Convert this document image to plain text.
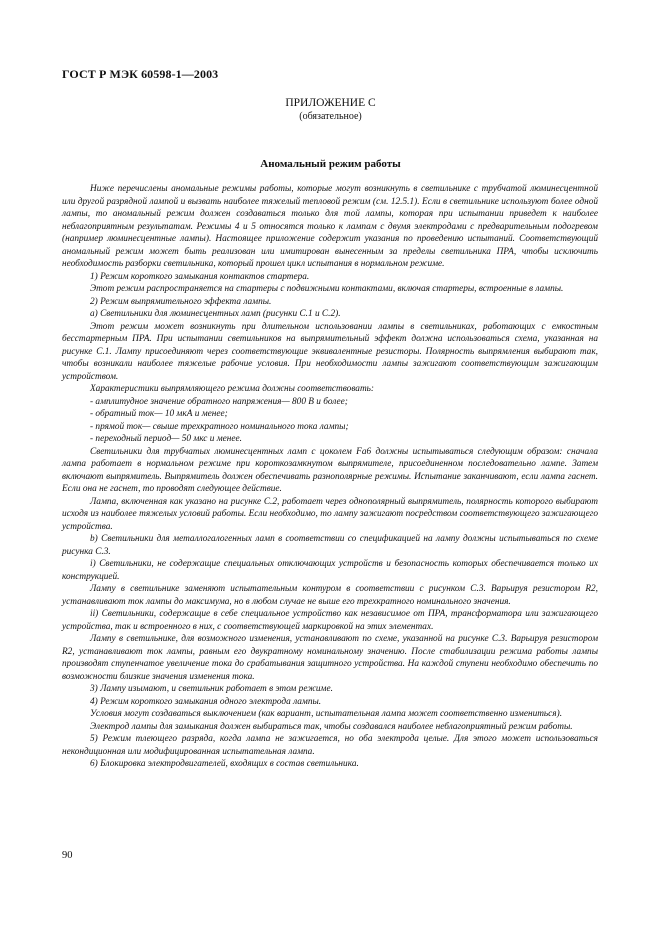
ГОСТ Р МЭК 60598-1—2003
ПРИЛОЖЕНИЕ С
(обязательное)
Аномальный режим работы

Ниже перечислены аномальные режимы работы, которые могут возникнуть в светильнике с трубчатой люминесцентной или другой разрядной лампой и вызвать наиболее тяжелый тепловой режим (см. 12.5.1). Если в светильнике используют более одной лампы, то аномальный режим должен создаваться только для той лампы, которая при испытании приведет к наиболее неблагоприятным результатам. Режимы 4 и 5 относятся только к лампам с двумя электродами с предварительным подогревом (например люминесцентные лампы). Настоящее приложение содержит указания по проведению испытаний. Соответствующий аномальный режим может быть реализован или имитирован вынесенным за пределы светильника ПРА, чтобы исключить необходимость разборки светильника, который прошел цикл испытания в нормальном режиме.

1) Режим короткого замыкания контактов стартера.

Этот режим распространяется на стартеры с подвижными контактами, включая стартеры, встроенные в лампы.

2) Режим выпрямительного эффекта лампы.

а) Светильники для люминесцентных ламп (рисунки С.1 и С.2).

Этот режим может возникнуть при длительном использовании лампы в светильниках, работающих с емкостным бесстартерным ПРА. При испытании светильников на выпрямительный эффект должна использоваться схема, указанная на рисунке С.1. Лампу присоединяют через соответствующие эквивалентные резисторы. Полярность выпрямления выбирают так, чтобы возникали наиболее тяжелые рабочие условия. При необходимости лампы зажигают соответствующим зажигающим устройством.

Характеристики выпрямляющего режима должны соответствовать:

- амплитудное значение обратного напряжения— 800 В и более;

- обратный ток— 10 мкА и менее;

- прямой ток— свыше трехкратного номинального тока лампы;

- переходный период— 50 мкс и менее.

Светильники для трубчатых люминесцентных ламп с цоколем Fa6 должны испытываться следующим образом: сначала лампа работает в нормальном режиме при короткозамкнутом выпрямителе, присоединенном последовательно лампе. Затем включают выпрямитель. Выпрямитель должен обеспечивать разнополярные режимы. Испытание заканчивают, если лампа гаснет. Если она не гаснет, то проводят следующее действие.

Лампа, включенная как указано на рисунке С.2, работает через однополярный выпрямитель, полярность которого выбирают исходя из наиболее тяжелых условий работы. Если необходимо, то лампу зажигают посредством соответствующего зажигающего устройства.

b) Светильники для металлогалогенных ламп в соответствии со спецификацией на лампу должны испытываться по схеме рисунка С.3.

i) Светильники, не содержащие специальных отключающих устройств и безопасность которых обеспечивается только их конструкцией.

Лампу в светильнике заменяют испытательным контуром в соответствии с рисунком С.3. Варьируя резистором R2, устанавливают ток лампы до максимума, но в любом случае не выше его трехкратного номинального значения.

ii) Светильники, содержащие в себе специальное устройство как независимое от ПРА, трансформатора или зажигающего устройства, так и встроенного в них, с соответствующей маркировкой на этих элементах.

Лампу в светильнике, для возможного изменения, устанавливают по схеме, указанной на рисунке С.3. Варьируя резистором R2, устанавливают ток лампы, равным его двукратному номинальному значению. После стабилизации режима работы лампы производят ступенчатое увеличение тока до срабатывания защитного устройства. На каждой ступени необходимо обеспечить по возможности близкие значения изменения тока.

3) Лампу изымают, и светильник работает в этом режиме.

4) Режим короткого замыкания одного электрода лампы.

Условия могут создаваться выключением (как вариант, испытательная лампа может соответственно измениться).

Электрод лампы для замыкания должен выбираться так, чтобы создавался наиболее неблагоприятный режим работы.

5) Режим тлеющего разряда, когда лампа не зажигается, но оба электрода целые. Для этого может использоваться некондиционная или модифицированная испытательная лампа.

6) Блокировка электродвигателей, входящих в состав светильника.

90
